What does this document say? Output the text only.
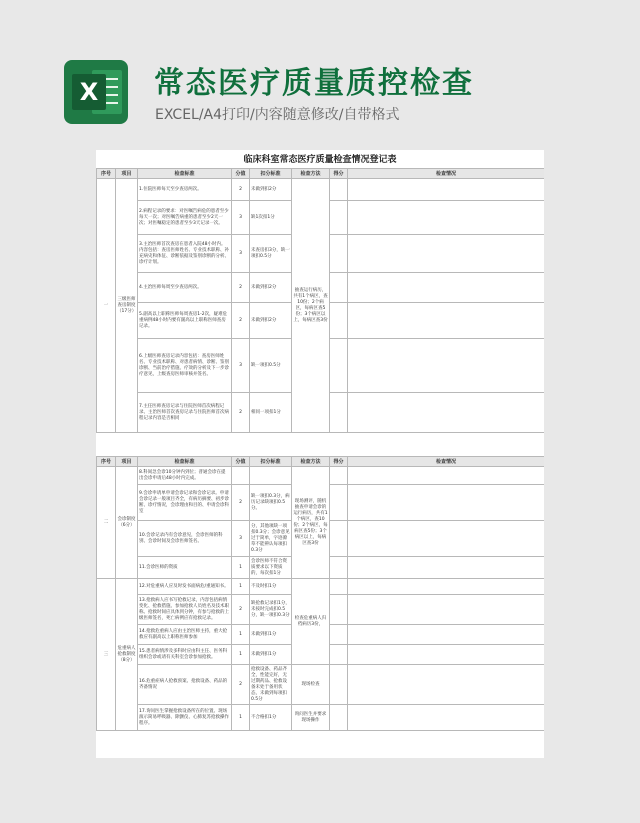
X 常态医疗质量质控检查
EXCEL/A4打印/内容随意修改/自带格式
临床科室常态医疗质量检查情况登记表
序号	项目	检查标准	分值	扣分标准	检查方法	得分	检查情况
一	三级医师查房制度（17分）	1.住院医师每天至少查房两次。	2	未做到扣2分	抽查运行病历，共有1个病区，查10份；2个病区，每病区查5份；3个病区以上，每病区查3份		
		2.病程记录的要求：对医嘱告病危的患者至少每天一次；对医嘱告病重的患者至少2天一次；对医嘱稳定的患者至少3天记录一次。	3	缺1次扣1分			
		3.主治医师首次查房在患者入院48小时内。内容包括：查房医师姓名、专业技术职称、补充病史和体征、诊断依据及鉴别诊断的分析、诊疗计划。	3	未查房扣3分，缺一项扣0.5分			
		4.主治医师每周至少查房两次。	2	未做到扣2分			
		5.副高以上职称医师每周查房1-2次，疑难危重病例48小时内要有副高以上职称医师查房记录。	2	未做到扣2分			
		6.上级医师查房记录内容包括：查房医师姓名、专业技术职称、对患者病情、诊断、鉴别诊断、当前治疗措施、疗效的分析及下一步诊疗意见，上级查房医师审核并签名。	3	缺一项扣0.5分			
		7.主任医师查房记录与住院医师首次病程记录、主治医师首次查房记录与住院医师首次病程记录内容是否相同	2	相同一项扣1分			
序号	项目	检查标准	分值	扣分标准	检查方法	得分	检查情况
二	会诊制度（6分）	8.科间急会诊10分钟内到位；普通会诊在提出会诊申请后48小时内完成。			现场测评，随机抽查申请会诊的运行病历，共有1个病区，查10份；2个病区，每病区查5份；3个病区以上，每病区查3份		
		9.会诊申请单申请会诊记录和会诊记录。申请会诊记录一般项目齐全，有病历摘要、初步诊断、诊疗情况，会诊理由和目的、申请会诊科室	2	缺一项扣0.3分，病历记录缺项扣0.5分。			
		10.会诊记录内有会诊意见，会诊医师的科别、会诊时间及会诊医师签名。	3	分，其他项缺一项扣0.3分；会诊意见过于简单，字迹潦草不能辨认每项扣0.3分			
		11.会诊医师的资质	1	会诊医师不符合资质要求以下资质的，每次扣1分			
三	危重病人抢救制度（8分）	12.对危重病人应及时发书面病危/重通知书。	1	不及时扣1分	检查危重病人归档病历3份，		
		13.抢救病人应书写抢救记录，内容包括病情变化、抢救措施、参加抢救人员姓名及技术职称。抢救时间应具体到分钟，有参与抢救的上级医师签名，死亡病例应有抢救记录。	2	缺抢救记录扣1分，未按时完成扣0.5分，缺一项扣0.3分			
		14.抢救危重病人应由主治医师主持，重大抢救应有副高以上职称医师参加	1	未做到扣1分			
		15.患者病情涉及多科时应由科主任、医务科组织会诊或请有关科室会诊参加抢救。	1	未做到扣1分			
		16.危重症病人抢救预案、抢救设备、药品的齐备情况	2	抢救设备、药品齐全，性能完好，无过期药品、抢救设备未处于备用状态，未做到每项扣0.5分	现场检查		
		17.询问医生掌握抢救设备所在的位置、现场演示简易呼吸器、除颤仪、心肺复苏抢救操作程序。	1	不合格扣1分	询问医生并要求现场操作		
